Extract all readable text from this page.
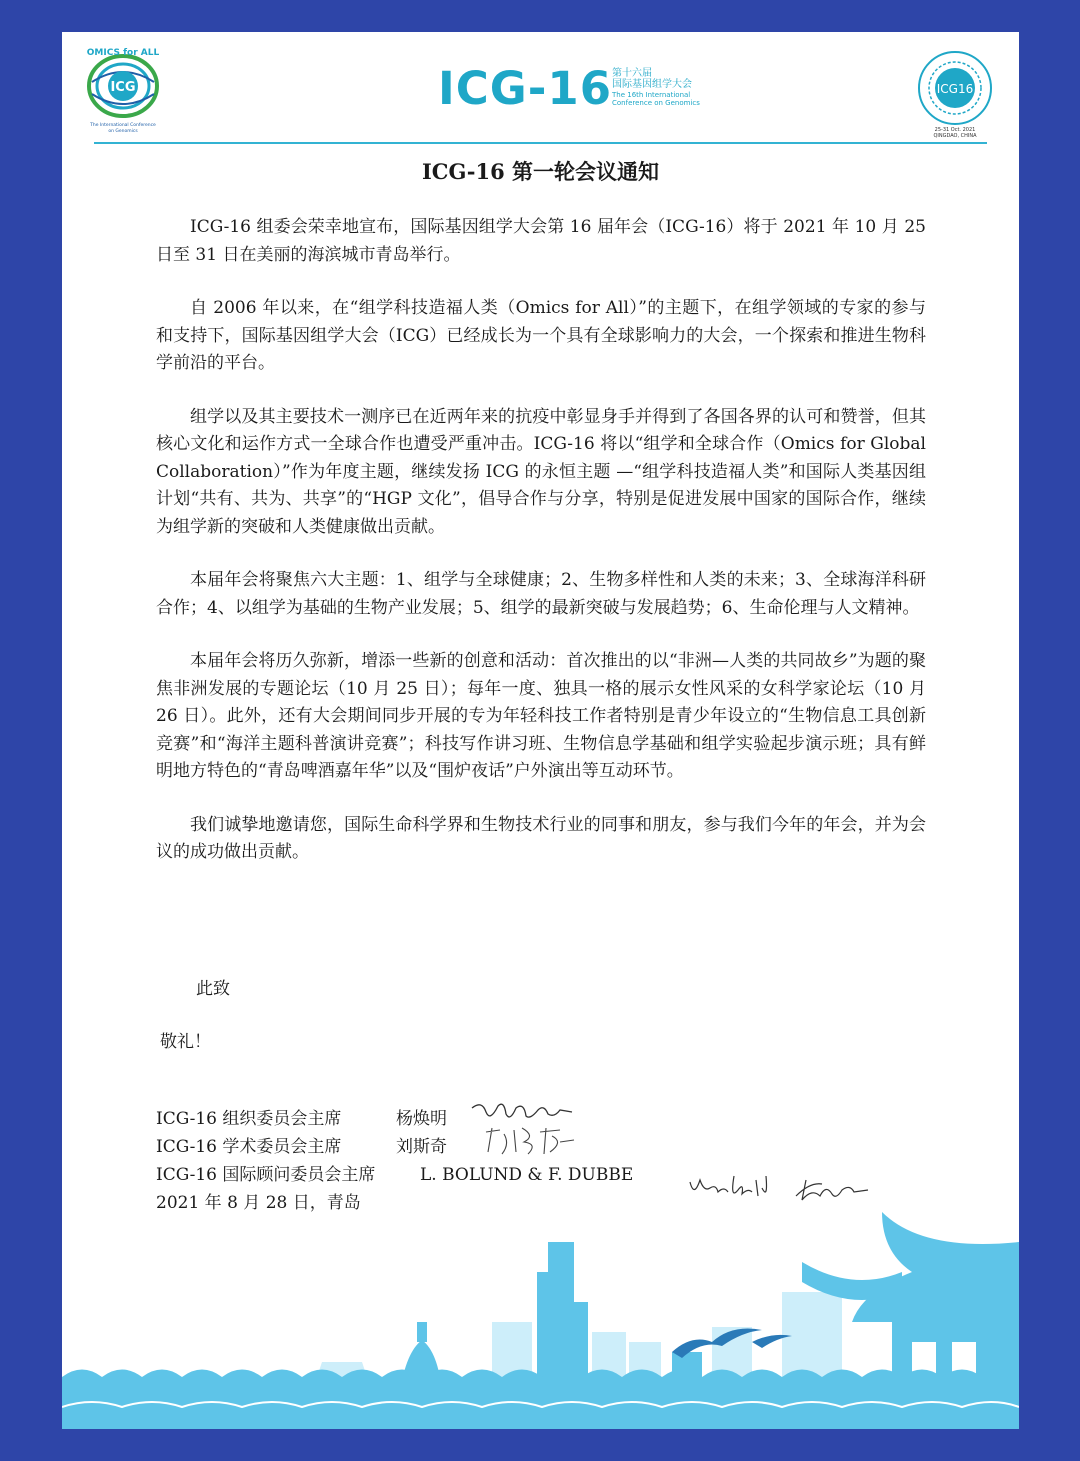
ICG
OMICS for ALL
The International Conference
on Genomics
ICG-16 第十六届
国际基因组学大会
The 16th International Conference on Genomics
ICG16
25-31 Oct. 2021
QINGDAO, CHINA
ICG-16 第一轮会议通知

ICG-16 组委会荣幸地宣布，国际基因组学大会第 16 届年会（ICG-16）将于 2021 年 10 月 25 日至 31 日在美丽的海滨城市青岛举行。

自 2006 年以来，在“组学科技造福人类（Omics for All）”的主题下，在组学领域的专家的参与和支持下，国际基因组学大会（ICG）已经成长为一个具有全球影响力的大会，一个探索和推进生物科学前沿的平台。

组学以及其主要技术一测序已在近两年来的抗疫中彰显身手并得到了各国各界的认可和赞誉，但其核心文化和运作方式一全球合作也遭受严重冲击。ICG-16 将以“组学和全球合作（Omics for Global Collaboration）”作为年度主题，继续发扬 ICG 的永恒主题 —“组学科技造福人类”和国际人类基因组计划“共有、共为、共享”的“HGP 文化”，倡导合作与分享，特别是促进发展中国家的国际合作，继续为组学新的突破和人类健康做出贡献。

本届年会将聚焦六大主题：1、组学与全球健康；2、生物多样性和人类的未来；3、全球海洋科研合作；4、以组学为基础的生物产业发展；5、组学的最新突破与发展趋势；6、生命伦理与人文精神。

本届年会将历久弥新，增添一些新的创意和活动：首次推出的以“非洲—人类的共同故乡”为题的聚焦非洲发展的专题论坛（10 月 25 日）；每年一度、独具一格的展示女性风采的女科学家论坛（10 月 26 日）。此外，还有大会期间同步开展的专为年轻科技工作者特别是青少年设立的“生物信息工具创新竞赛”和“海洋主题科普演讲竞赛”；科技写作讲习班、生物信息学基础和组学实验起步演示班；具有鲜明地方特色的“青岛啤酒嘉年华”以及“围炉夜话”户外演出等互动环节。

我们诚挚地邀请您，国际生命科学界和生物技术行业的同事和朋友，参与我们今年的年会，并为会议的成功做出贡献。

此致
敬礼！
ICG-16 组织委员会主席	杨焕明
ICG-16 学术委员会主席	刘斯奇
ICG-16 国际顾问委员会主席	L. BOLUND & F. DUBBE
2021 年 8 月 28 日，青岛
